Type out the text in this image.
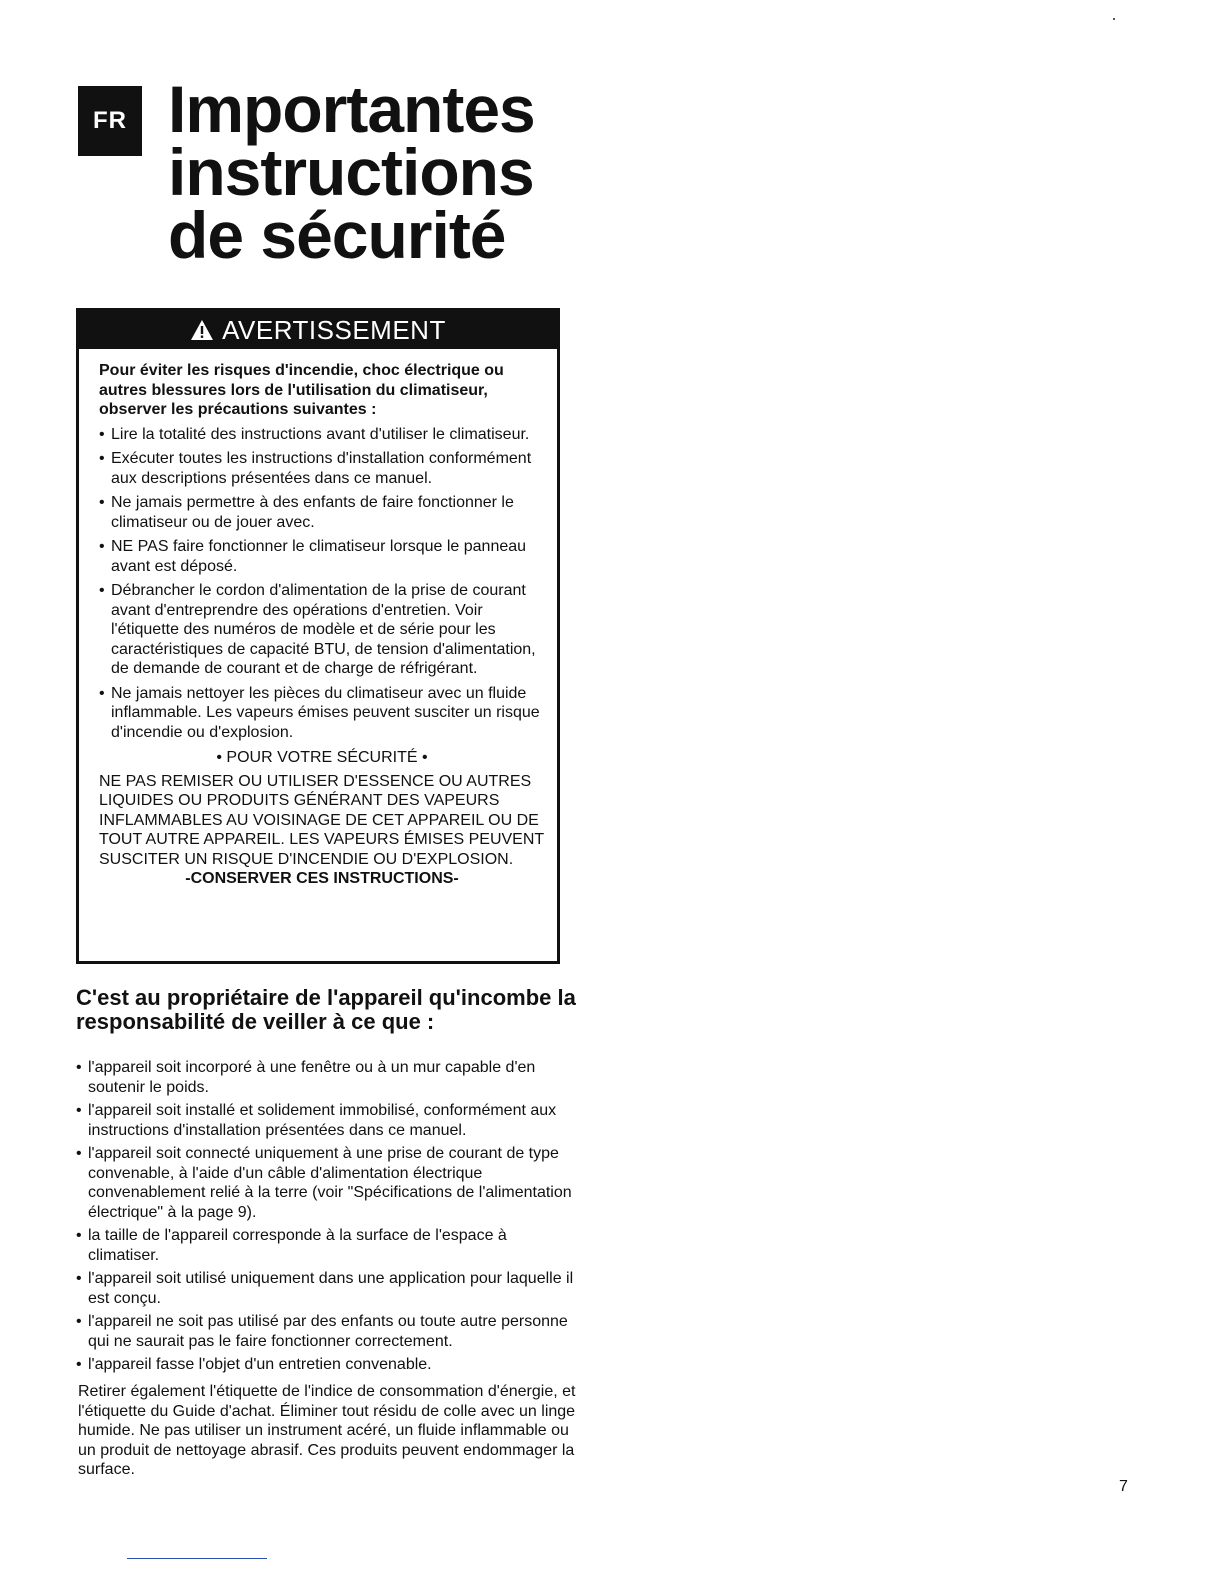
FR Importantes
instructions
de sécurité
AVERTISSEMENT

Pour éviter les risques d'incendie, choc électrique ou autres blessures lors de l'utilisation du climatiseur, observer les précautions suivantes :

• Lire la totalité des instructions avant d'utiliser le climatiseur.
• Exécuter toutes les instructions d'installation conformément aux descriptions présentées dans ce manuel.
• Ne jamais permettre à des enfants de faire fonctionner le climatiseur ou de jouer avec.
• NE PAS faire fonctionner le climatiseur lorsque le panneau avant est déposé.
• Débrancher le cordon d'alimentation de la prise de courant avant d'entreprendre des opérations d'entretien. Voir l'étiquette des numéros de modèle et de série pour les caractéristiques de capacité BTU, de tension d'alimentation, de demande de courant et de charge de réfrigérant.
• Ne jamais nettoyer les pièces du climatiseur avec un fluide inflammable. Les vapeurs émises peuvent susciter un risque d'incendie ou d'explosion.

• POUR VOTRE SÉCURITÉ •

NE PAS REMISER OU UTILISER D'ESSENCE OU AUTRES LIQUIDES OU PRODUITS GÉNÉRANT DES VAPEURS INFLAMMABLES AU VOISINAGE DE CET APPAREIL OU DE TOUT AUTRE APPAREIL. LES VAPEURS ÉMISES PEUVENT SUSCITER UN RISQUE D'INCENDIE OU D'EXPLOSION.

-CONSERVER CES INSTRUCTIONS-

C'est au propriétaire de l'appareil qu'incombe la responsabilité de veiller à ce que :
• l'appareil soit incorporé à une fenêtre ou à un mur capable d'en soutenir le poids.
• l'appareil soit installé et solidement immobilisé, conformément aux instructions d'installation présentées dans ce manuel.
• l'appareil soit connecté uniquement à une prise de courant de type convenable, à l'aide d'un câble d'alimentation électrique convenablement relié à la terre (voir "Spécifications de l'alimentation électrique" à la page 9).
• la taille de l'appareil corresponde à la surface de l'espace à climatiser.
• l'appareil soit utilisé uniquement dans une application pour laquelle il est conçu.
• l'appareil ne soit pas utilisé par des enfants ou toute autre personne qui ne saurait pas le faire fonctionner correctement.
• l'appareil fasse l'objet d'un entretien convenable.

Retirer également l'étiquette de l'indice de consommation d'énergie, et l'étiquette du Guide d'achat. Éliminer tout résidu de colle avec un linge humide. Ne pas utiliser un instrument acéré, un fluide inflammable ou un produit de nettoyage abrasif. Ces produits peuvent endommager la surface.

7
